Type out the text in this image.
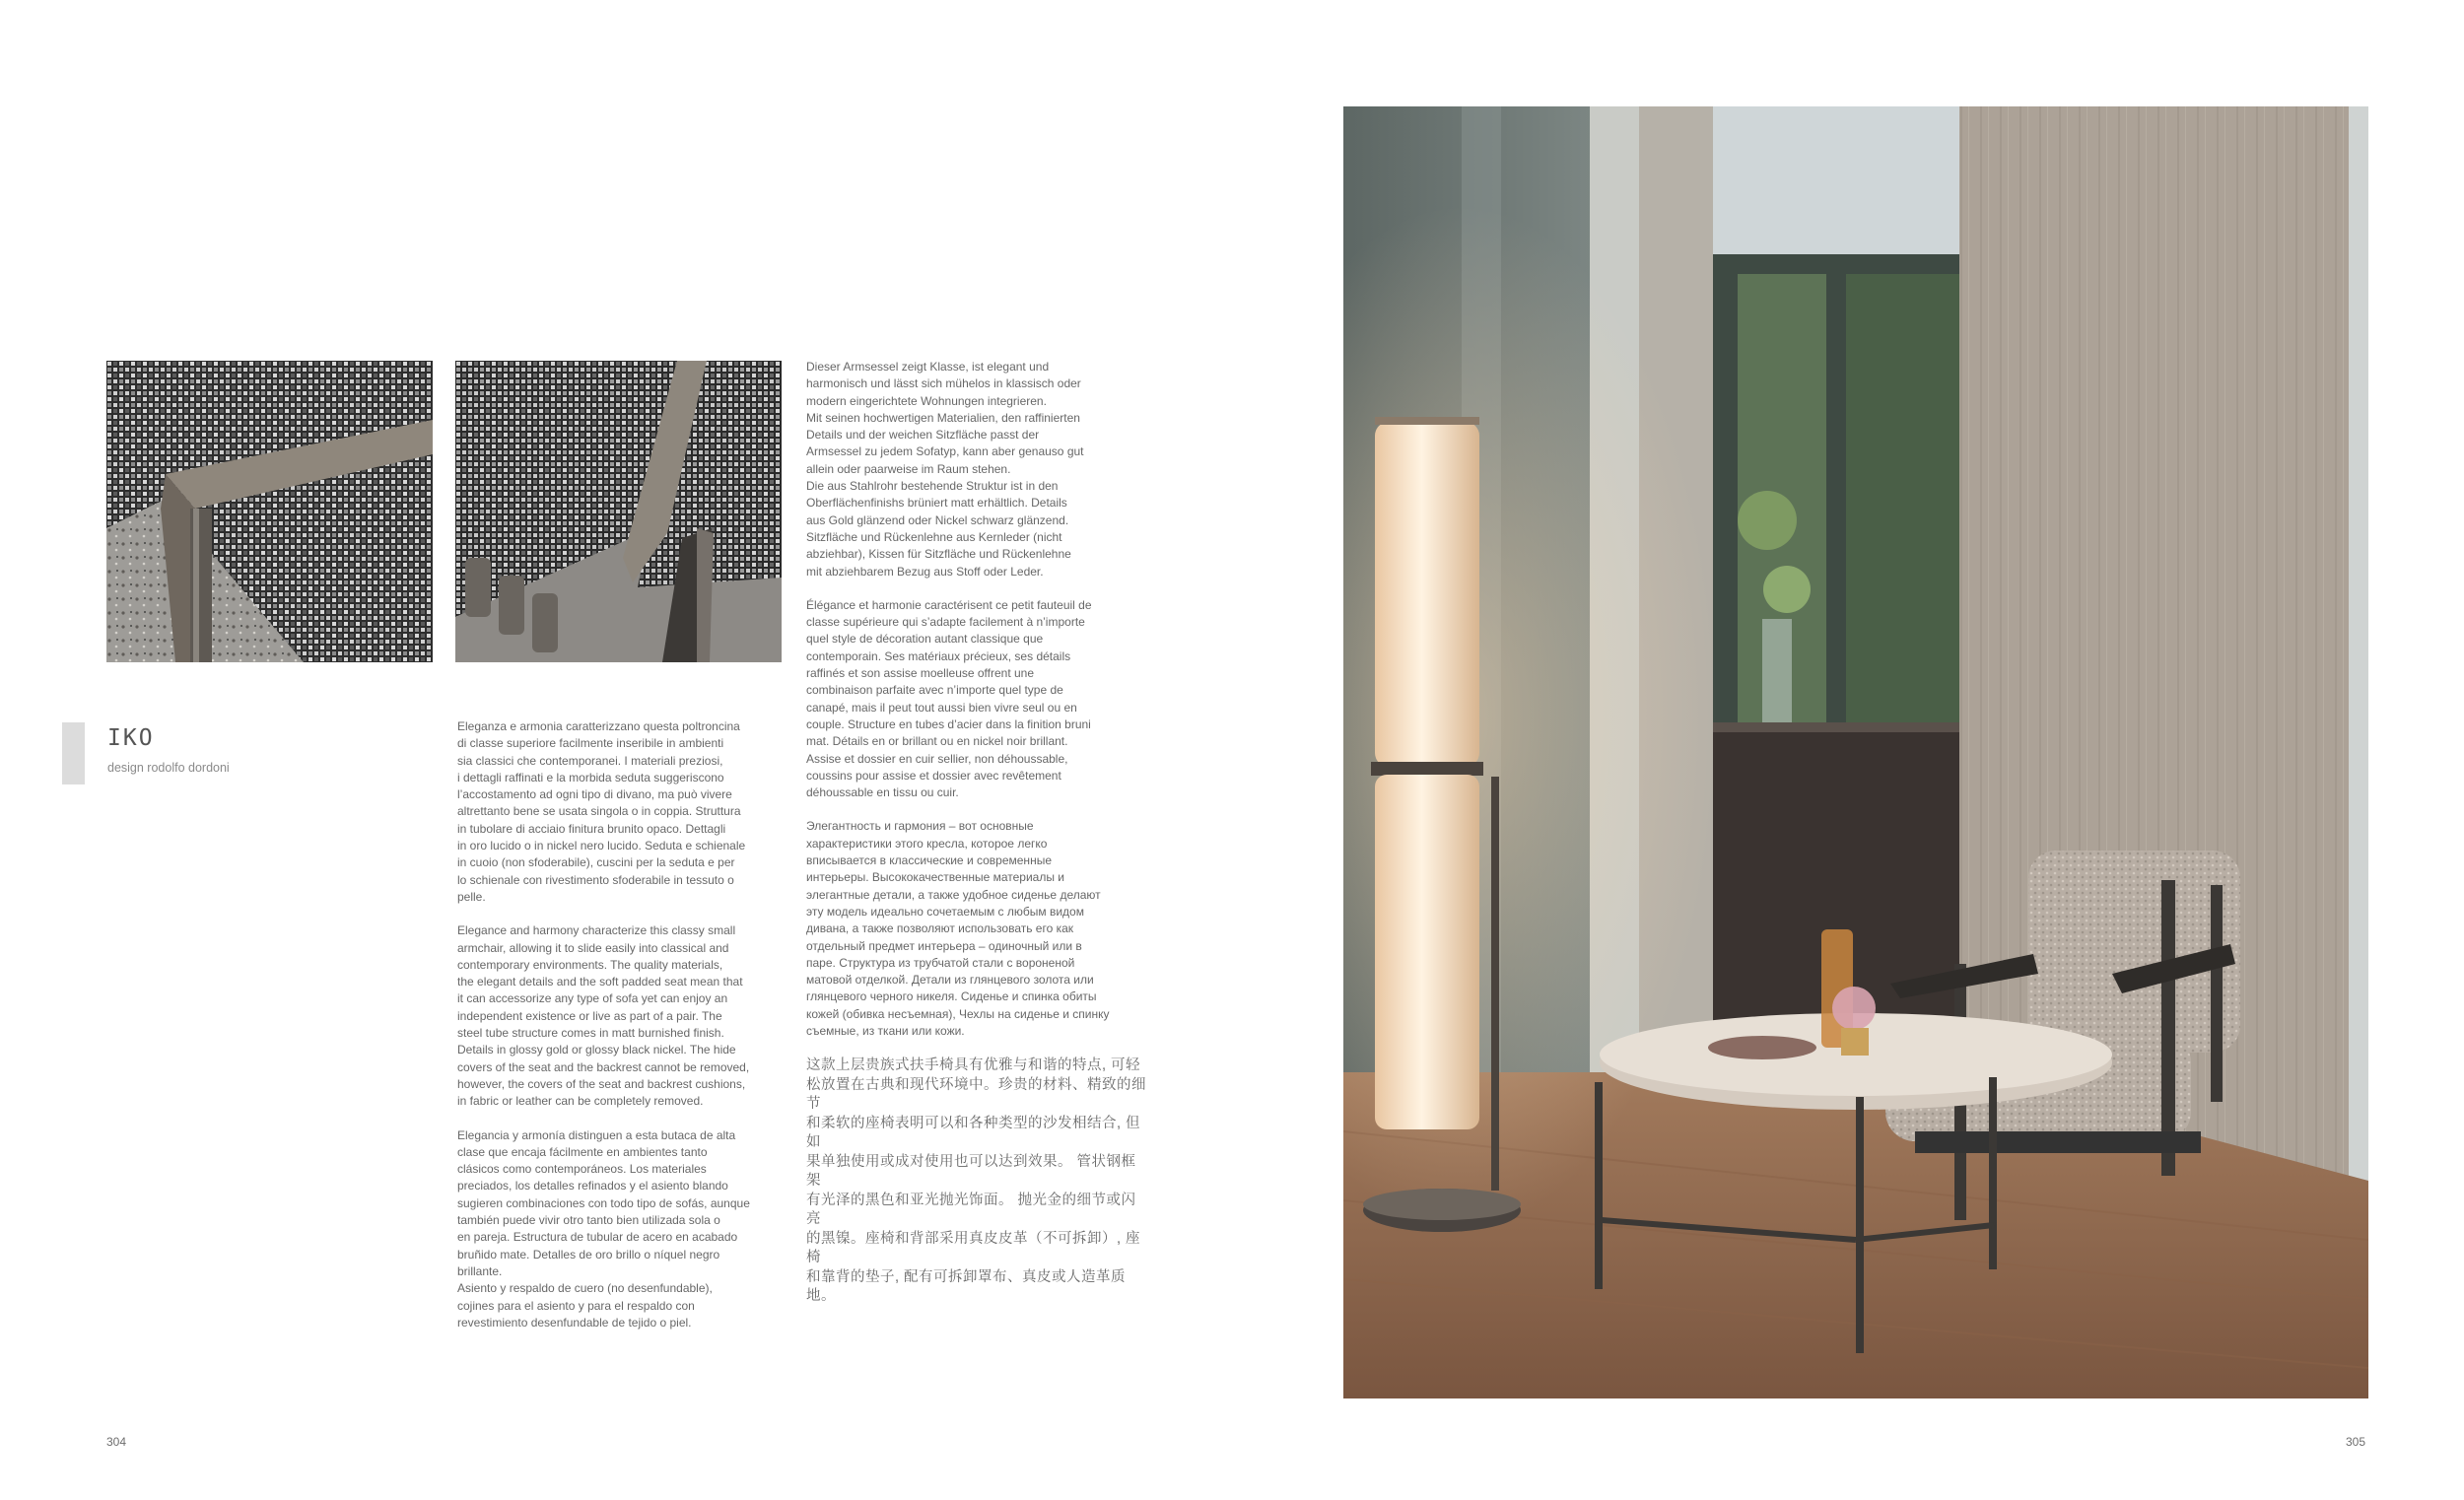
IKO
design rodolfo dordoni

Eleganza e armonia caratterizzano questa poltroncina
di classe superiore facilmente inseribile in ambienti
sia classici che contemporanei. I materiali preziosi,
i dettagli raffinati e la morbida seduta suggeriscono
l’accostamento ad ogni tipo di divano, ma può vivere
altrettanto bene se usata singola o in coppia. Struttura
in tubolare di acciaio finitura brunito opaco. Dettagli
in oro lucido o in nickel nero lucido. Seduta e schienale
in cuoio (non sfoderabile), cuscini per la seduta e per
lo schienale con rivestimento sfoderabile in tessuto o
pelle.

Elegance and harmony characterize this classy small
armchair, allowing it to slide easily into classical and
contemporary environments. The quality materials,
the elegant details and the soft padded seat mean that
it can accessorize any type of sofa yet can enjoy an
independent existence or live as part of a pair. The
steel tube structure comes in matt burnished finish.
Details in glossy gold or glossy black nickel. The hide
covers of the seat and the backrest cannot be removed,
however, the covers of the seat and backrest cushions,
in fabric or leather can be completely removed.

Elegancia y armonía distinguen a esta butaca de alta
clase que encaja fácilmente en ambientes tanto
clásicos como contemporáneos. Los materiales
preciados, los detalles refinados y el asiento blando
sugieren combinaciones con todo tipo de sofás, aunque
también puede vivir otro tanto bien utilizada sola o
en pareja. Estructura de tubular de acero en acabado
bruñido mate. Detalles de oro brillo o níquel negro
brillante.
Asiento y respaldo de cuero (no desenfundable),
cojines para el asiento y para el respaldo con
revestimiento desenfundable de tejido o piel.

Dieser Armsessel zeigt Klasse, ist elegant und
harmonisch und lässt sich mühelos in klassisch oder
modern eingerichtete Wohnungen integrieren.
Mit seinen hochwertigen Materialien, den raffinierten
Details und der weichen Sitzfläche passt der
Armsessel zu jedem Sofatyp, kann aber genauso gut
allein oder paarweise im Raum stehen.
Die aus Stahlrohr bestehende Struktur ist in den
Oberflächenfinishs brüniert matt erhältlich. Details
aus Gold glänzend oder Nickel schwarz glänzend.
Sitzfläche und Rückenlehne aus Kernleder (nicht
abziehbar), Kissen für Sitzfläche und Rückenlehne
mit abziehbarem Bezug aus Stoff oder Leder.

Élégance et harmonie caractérisent ce petit fauteuil de
classe supérieure qui s’adapte facilement à n’importe
quel style de décoration autant classique que
contemporain. Ses matériaux précieux, ses détails
raffinés et son assise moelleuse offrent une
combinaison parfaite avec n’importe quel type de
canapé, mais il peut tout aussi bien vivre seul ou en
couple. Structure en tubes d’acier dans la finition bruni
mat. Détails en or brillant ou en nickel noir brillant.
Assise et dossier en cuir sellier, non déhoussable,
coussins pour assise et dossier avec revêtement
déhoussable en tissu ou cuir.

Элегантность и гармония – вот основные
характеристики этого кресла, которое легко
вписывается в классические и современные
интерьеры. Высококачественные материалы и
элегантные детали, а также удобное сиденье делают
эту модель идеально сочетаемым с любым видом
дивана, а также позволяют использовать его как
отдельный предмет интерьера – одиночный или в
паре. Структура из трубчатой стали с вороненой
матовой отделкой. Детали из глянцевого золота или
глянцевого черного никеля. Сиденье и спинка обиты
кожей (обивка несъемная), Чехлы на сиденье и спинку
съемные, из ткани или кожи.

这款上层贵族式扶手椅具有优雅与和谐的特点, 可轻
松放置在古典和现代环境中。珍贵的材料、精致的细节
和柔软的座椅表明可以和各种类型的沙发相结合, 但如
果单独使用或成对使用也可以达到效果。 管状钢框架
有光泽的黑色和亚光抛光饰面。 抛光金的细节或闪亮
的黑镍。座椅和背部采用真皮皮革（不可拆卸）, 座椅
和靠背的垫子, 配有可拆卸罩布、真皮或人造革质地。

304	305
